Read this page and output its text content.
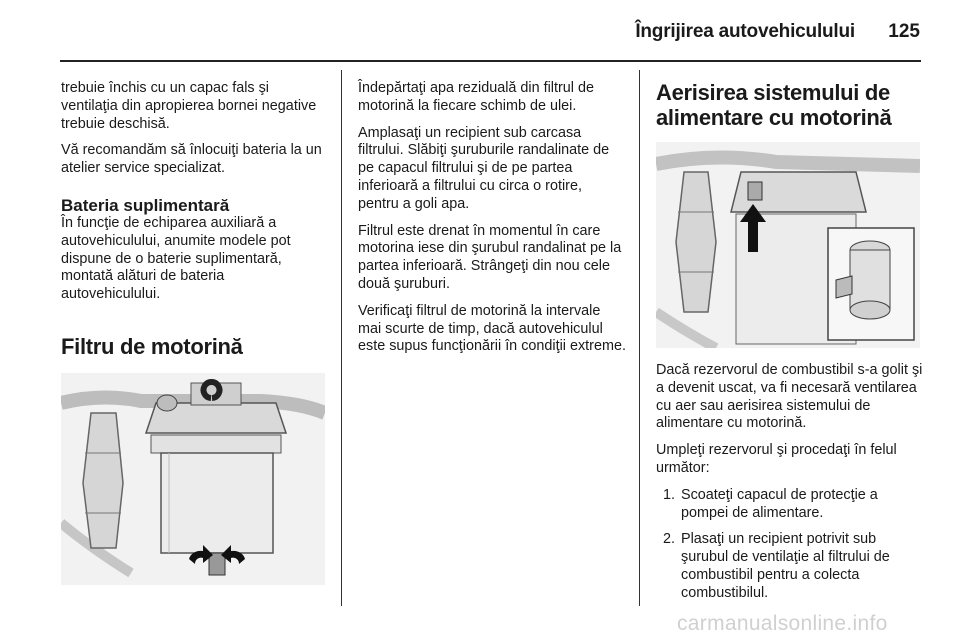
Îngrijirea autovehiculului 125

trebuie închis cu un capac fals şi ventilaţia din apropierea bornei negative trebuie deschisă.

Vă recomandăm să înlocuiţi bateria la un atelier service specializat.

Bateria suplimentară

În funcţie de echiparea auxiliară a autovehiculului, anumite modele pot dispune de o baterie suplimentară, montată alături de bateria autovehiculului.

Filtru de motorină

Îndepărtaţi apa reziduală din filtrul de motorină la fiecare schimb de ulei.

Amplasaţi un recipient sub carcasa filtrului. Slăbiţi şuruburile randalinate de pe capacul filtrului şi de pe partea inferioară a filtrului cu circa o rotire, pentru a goli apa.

Filtrul este drenat în momentul în care motorina iese din şurubul randalinat pe la partea inferioară. Strângeţi din nou cele două şuruburi.

Verificaţi filtrul de motorină la intervale mai scurte de timp, dacă autovehiculul este supus funcţionării în condiţii extreme.

Aerisirea sistemului de alimentare cu motorină

Dacă rezervorul de combustibil s-a golit şi a devenit uscat, va fi necesară ventilarea cu aer sau aerisirea sistemului de alimentare cu motorină.

Umpleţi rezervorul şi procedaţi în felul următor:

1. Scoateţi capacul de protecţie a pompei de alimentare.
2. Plasaţi un recipient potrivit sub şurubul de ventilaţie al filtrului de combustibil pentru a colecta combustibilul.
carmanualsonline.info
